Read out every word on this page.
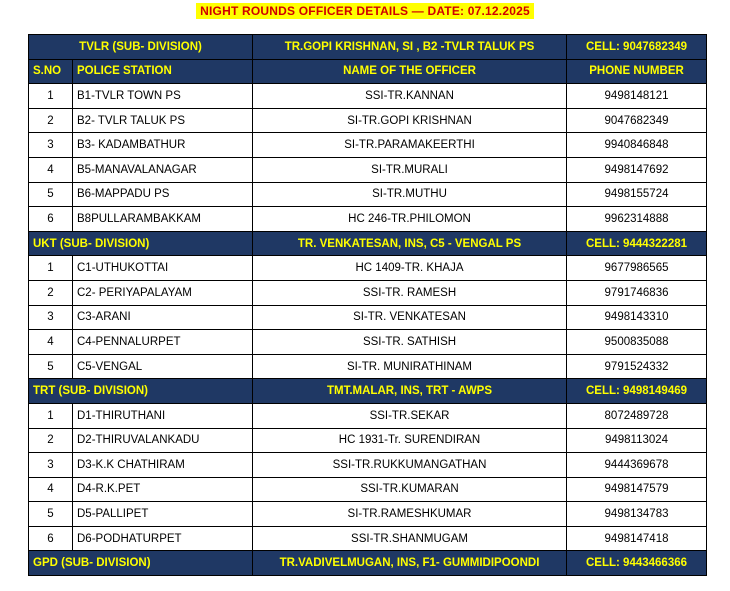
NIGHT ROUNDS OFFICER DETAILS — DATE: 07.12.2025
TVLR (SUB- DIVISION)		TR.GOPI KRISHNAN, SI , B2 -TVLR TALUK PS	CELL: 9047682349
S.NO	POLICE STATION	NAME OF THE OFFICER	PHONE NUMBER
1	B1-TVLR TOWN PS	SSI-TR.KANNAN	9498148121
2	B2- TVLR TALUK PS	SI-TR.GOPI KRISHNAN	9047682349
3	B3- KADAMBATHUR	SI-TR.PARAMAKEERTHI	9940846848
4	B5-MANAVALANAGAR	SI-TR.MURALI	9498147692
5	B6-MAPPADU PS	SI-TR.MUTHU	9498155724
6	B8PULLARAMBAKKAM	HC 246-TR.PHILOMON	9962314888
UKT (SUB- DIVISION)		TR. VENKATESAN, INS, C5 - VENGAL PS	CELL: 9444322281
1	C1-UTHUKOTTAI	HC 1409-TR. KHAJA	9677986565
2	C2- PERIYAPALAYAM	SSI-TR. RAMESH	9791746836
3	C3-ARANI	SI-TR. VENKATESAN	9498143310
4	C4-PENNALURPET	SSI-TR. SATHISH	9500835088
5	C5-VENGAL	SI-TR. MUNIRATHINAM	9791524332
TRT (SUB- DIVISION)		TMT.MALAR, INS, TRT - AWPS	CELL: 9498149469
1	D1-THIRUTHANI	SSI-TR.SEKAR	8072489728
2	D2-THIRUVALANKADU	HC 1931-Tr. SURENDIRAN	9498113024
3	D3-K.K CHATHIRAM	SSI-TR.RUKKUMANGATHAN	9444369678
4	D4-R.K.PET	SSI-TR.KUMARAN	9498147579
5	D5-PALLIPET	SI-TR.RAMESHKUMAR	9498134783
6	D6-PODHATURPET	SSI-TR.SHANMUGAM	9498147418
GPD (SUB- DIVISION)		TR.VADIVELMUGAN, INS, F1- GUMMIDIPOONDI	CELL: 9443466366
